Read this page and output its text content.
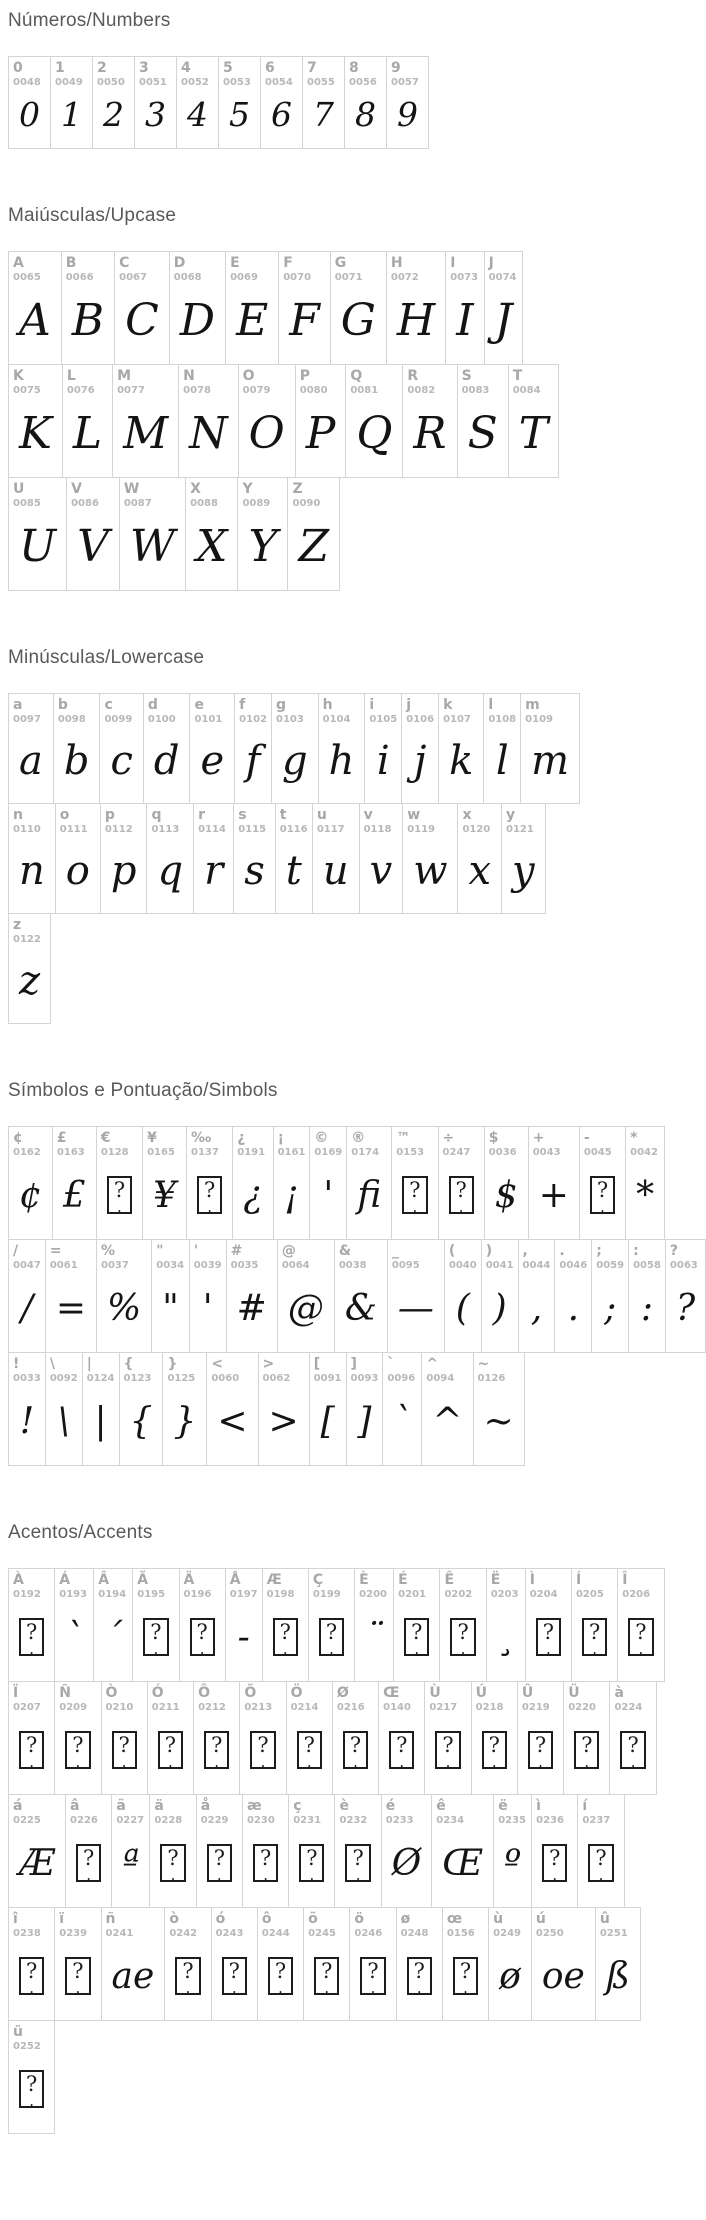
Números/Numbers
0
0048
0
1
0049
1
2
0050
2
3
0051
3
4
0052
4
5
0053
5
6
0054
6
7
0055
7
8
0056
8
9
0057
9
Maiúsculas/Upcase
A
0065
A
B
0066
B
C
0067
C
D
0068
D
E
0069
E
F
0070
F
G
0071
G
H
0072
H
I
0073
I
J
0074
J
K
0075
K
L
0076
L
M
0077
M
N
0078
N
O
0079
O
P
0080
P
Q
0081
Q
R
0082
R
S
0083
S
T
0084
T
U
0085
U
V
0086
V
W
0087
W
X
0088
X
Y
0089
Y
Z
0090
Z
Minúsculas/Lowercase
a
0097
a
b
0098
b
c
0099
c
d
0100
d
e
0101
e
f
0102
f
g
0103
g
h
0104
h
i
0105
i
j
0106
j
k
0107
k
l
0108
l
m
0109
m
n
0110
n
o
0111
o
p
0112
p
q
0113
q
r
0114
r
s
0115
s
t
0116
t
u
0117
u
v
0118
v
w
0119
w
x
0120
x
y
0121
y
z
0122
z
Símbolos e Pontuação/Simbols
¢
0162
¢
£
0163
£
€
0128
?
.
¥
0165
¥
‰
0137
?
.
¿
0191
¿
¡
0161
¡
©
0169
'
®
0174
fi
™
0153
?
.
÷
0247
?
.
$
0036
$
+
0043
+
-
0045
?
.
*
0042
*
/
0047
/
=
0061
=
%
0037
%
"
0034
"
'
0039
'
#
0035
#
@
0064
@
&
0038
&
_
0095
—
(
0040
(
)
0041
)
,
0044
,
.
0046
.
;
0059
;
:
0058
:
?
0063
?
!
0033
!
\
0092
\
|
0124
|
{
0123
{
}
0125
}
<
0060
<
>
0062
>
[
0091
[
]
0093
]
`
0096
`
^
0094
^
~
0126
~
Acentos/Accents
À
0192
?
.
Á
0193
`
Â
0194
´
Ã
0195
?
.
Ä
0196
?
.
Å
0197
-
Æ
0198
?
.
Ç
0199
?
.
È
0200
¨
É
0201
?
.
Ê
0202
?
.
Ë
0203
¸
Ì
0204
?
.
Í
0205
?
.
Î
0206
?
.
Ï
0207
?
.
Ñ
0209
?
.
Ò
0210
?
.
Ó
0211
?
.
Ô
0212
?
.
Õ
0213
?
.
Ö
0214
?
.
Ø
0216
?
.
Œ
0140
?
.
Ù
0217
?
.
Ú
0218
?
.
Û
0219
?
.
Ü
0220
?
.
à
0224
?
.
á
0225
Æ
â
0226
?
.
ã
0227
ª
ä
0228
?
.
å
0229
?
.
æ
0230
?
.
ç
0231
?
.
è
0232
?
.
é
0233
Ø
ê
0234
Œ
ë
0235
º
ì
0236
?
.
í
0237
?
.
î
0238
?
.
ï
0239
?
.
ñ
0241
ae
ò
0242
?
.
ó
0243
?
.
ô
0244
?
.
õ
0245
?
.
ö
0246
?
.
ø
0248
?
.
œ
0156
?
.
ù
0249
ø
ú
0250
oe
û
0251
ß
ü
0252
?
.
